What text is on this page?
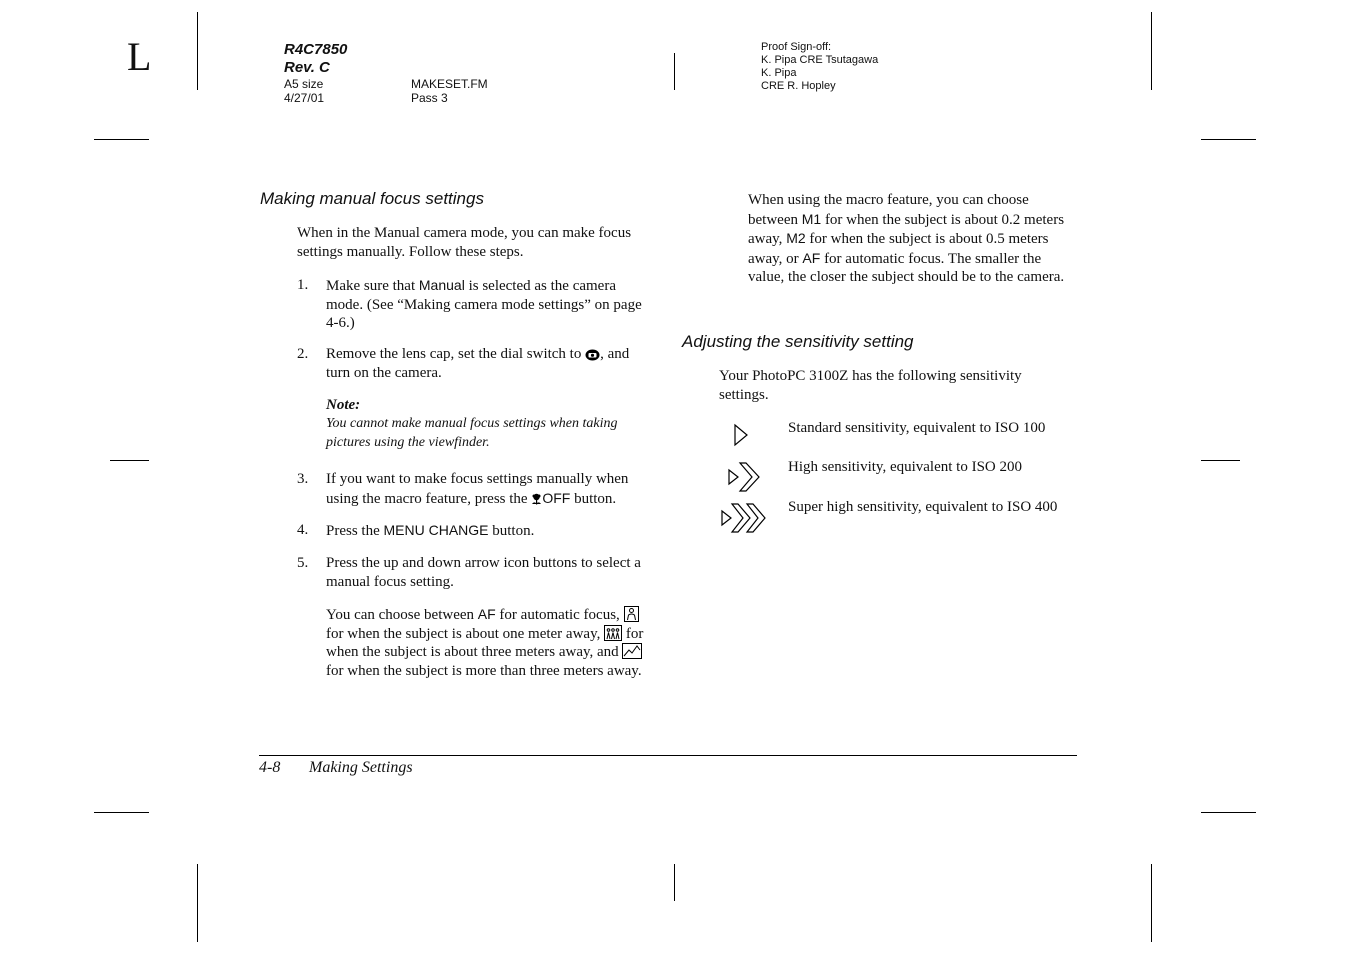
L	R4C7850
Rev. C
A5 size	MAKESET.FM
4/27/01	Pass 3
Proof Sign-off:
K. Pipa CRE Tsutagawa
K. Pipa
CRE R. Hopley
Making manual focus settings
When in the Manual camera mode, you can make focus settings manually. Follow these steps.
1. Make sure that Manual is selected as the camera mode. (See “Making camera mode settings” on page 4-6.)
2. Remove the lens cap, set the dial switch to , and turn on the camera.
Note:
You cannot make manual focus settings when taking pictures using the viewfinder.
3. If you want to make focus settings manually when using the macro feature, press the OFF button.
4. Press the MENU CHANGE button.
5. Press the up and down arrow icon buttons to select a manual focus setting.
You can choose between AF for automatic focus,  for when the subject is about one meter away,  for when the subject is about three meters away, and  for when the subject is more than three meters away.
When using the macro feature, you can choose between M1 for when the subject is about 0.2 meters away, M2 for when the subject is about 0.5 meters away, or AF for automatic focus. The smaller the value, the closer the subject should be to the camera.
Adjusting the sensitivity setting
Your PhotoPC 3100Z has the following sensitivity settings.
Standard sensitivity, equivalent to ISO 100
High sensitivity, equivalent to ISO 200
Super high sensitivity, equivalent to ISO 400
4-8 Making Settings
